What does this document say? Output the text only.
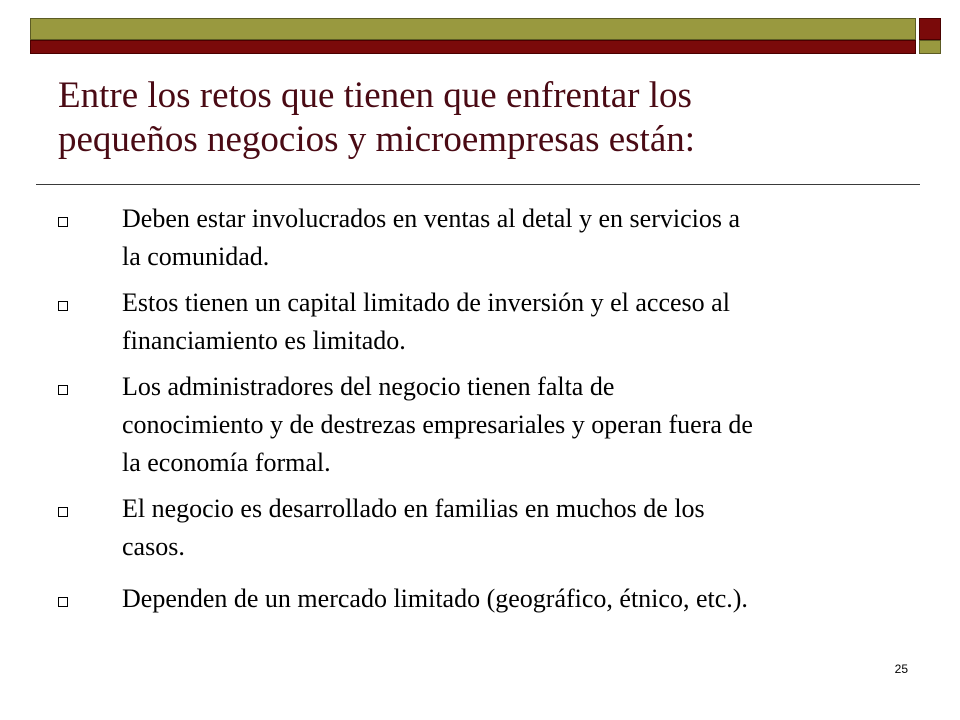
Entre los retos que tienen que enfrentar los
pequeños negocios y microempresas están:
Deben estar involucrados en ventas al detal y en servicios a
la comunidad.
Estos tienen un capital limitado de inversión y el acceso al
financiamiento es limitado.
Los administradores del negocio tienen falta de
conocimiento y de destrezas empresariales y operan fuera de
la economía formal.
El negocio es desarrollado en familias en muchos de los
casos.
Dependen de un mercado limitado (geográfico, étnico, etc.).
25
